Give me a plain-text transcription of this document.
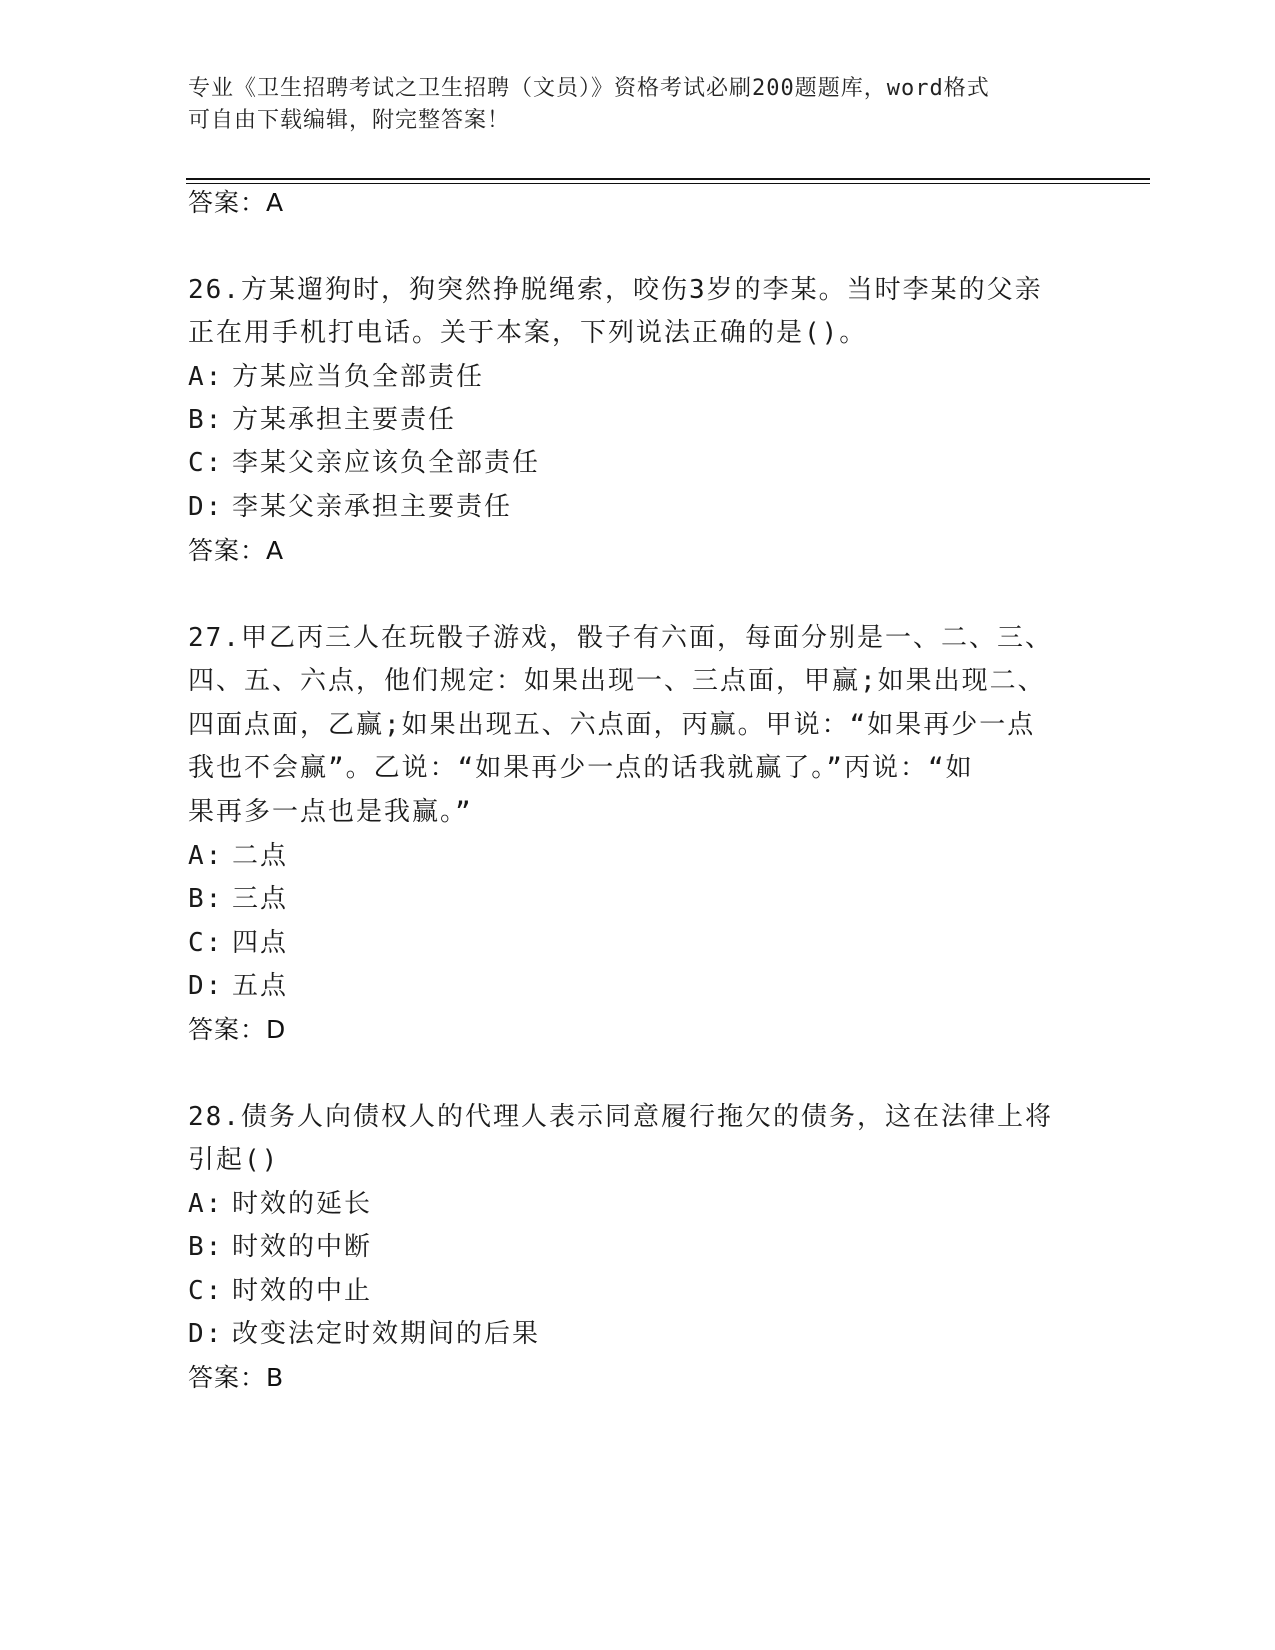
专业《卫生招聘考试之卫生招聘（文员）》资格考试必刷200题题库，word格式
可自由下载编辑，附完整答案！
答案：A
26.方某遛狗时，狗突然挣脱绳索，咬伤3岁的李某。当时李某的父亲
正在用手机打电话。关于本案，下列说法正确的是()。
A: 方某应当负全部责任
B: 方某承担主要责任
C: 李某父亲应该负全部责任
D: 李某父亲承担主要责任
答案：A
27.甲乙丙三人在玩骰子游戏，骰子有六面，每面分别是一、二、三、
四、五、六点，他们规定：如果出现一、三点面，甲赢;如果出现二、
四面点面，乙赢;如果出现五、六点面，丙赢。甲说：“如果再少一点
我也不会赢”。乙说：“如果再少一点的话我就赢了。”丙说：“如
果再多一点也是我赢。”
A: 二点
B: 三点
C: 四点
D: 五点
答案：D
28.债务人向债权人的代理人表示同意履行拖欠的债务，这在法律上将
引起()
A: 时效的延长
B: 时效的中断
C: 时效的中止
D: 改变法定时效期间的后果
答案：B
